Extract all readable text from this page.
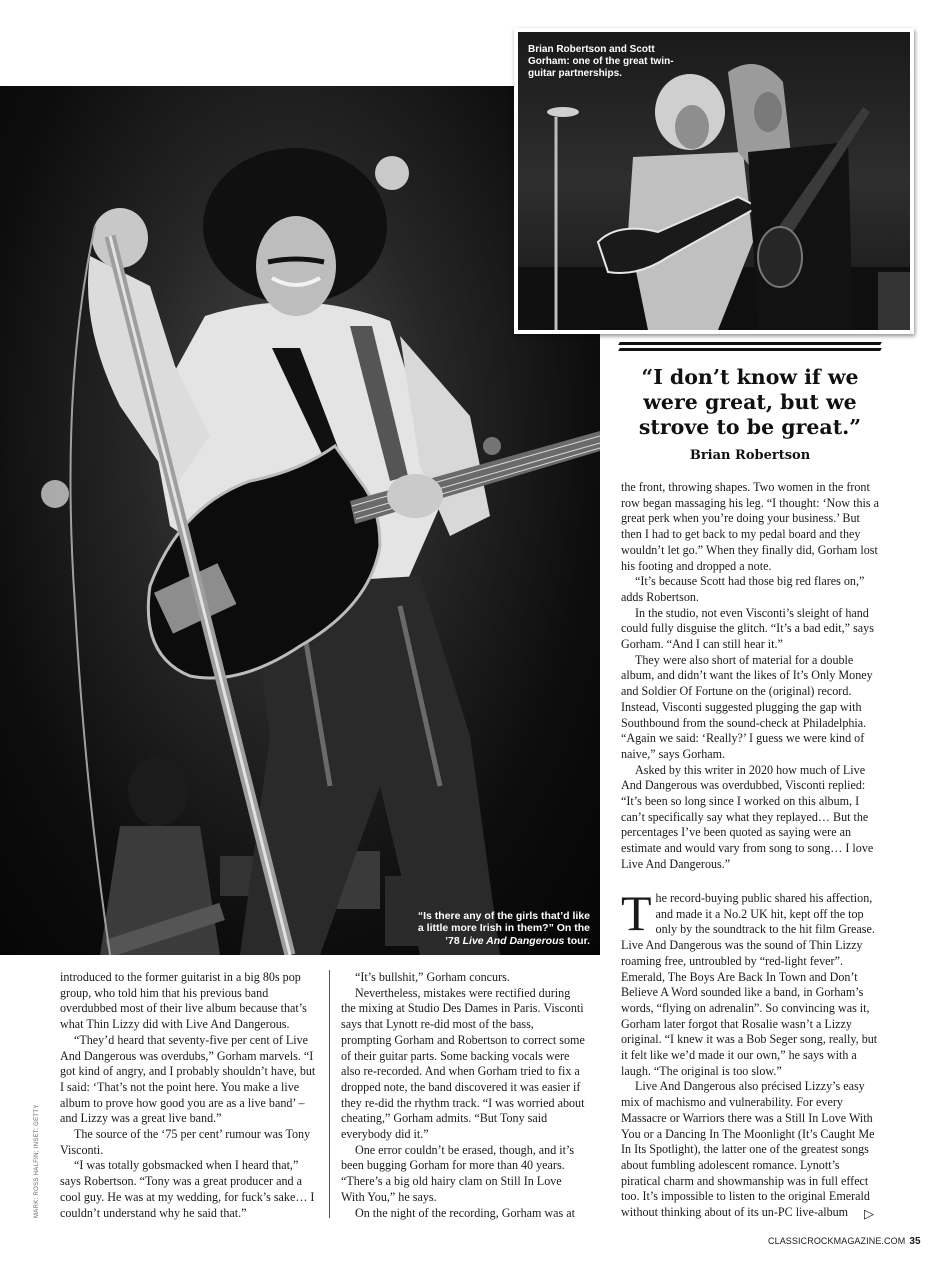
“Is there any of the girls that’d like
a little more Irish in them?” On the
’78 Live And Dangerous tour.
Brian Robertson and Scott Gorham: one of the great twin-guitar partnerships.
“I don’t know if we were great, but we strove to be great.”
Brian Robertson

the front, throwing shapes. Two women in the front row began massaging his leg. “I thought: ‘Now this a great perk when you’re doing your business.’ But then I had to get back to my pedal board and they wouldn’t let go.” When they finally did, Gorham lost his footing and dropped a note.

“It’s because Scott had those big red flares on,” adds Robertson.

In the studio, not even Visconti’s sleight of hand could fully disguise the glitch. “It’s a bad edit,” says Gorham. “And I can still hear it.”

They were also short of material for a double album, and didn’t want the likes of It’s Only Money and Soldier Of Fortune on the (original) record. Instead, Visconti suggested plugging the gap with Southbound from the sound-check at Philadelphia. “Again we said: ‘Really?’ I guess we were kind of naive,” says Gorham.

Asked by this writer in 2020 how much of Live And Dangerous was overdubbed, Visconti replied: “It’s been so long since I worked on this album, I can’t specifically say what they replayed… But the percentages I’ve been quoted as saying were an estimate and would vary from song to song… I love Live And Dangerous.”

The record-buying public shared his affection, and made it a No.2 UK hit, kept off the top only by the soundtrack to the hit film Grease. Live And Dangerous was the sound of Thin Lizzy roaming free, untroubled by “red-light fever”. Emerald, The Boys Are Back In Town and Don’t Believe A Word sounded like a band, in Gorham’s words, “flying on adrenalin”. So convincing was it, Gorham later forgot that Rosalie wasn’t a Lizzy original. “I knew it was a Bob Seger song, really, but it felt like we’d made it our own,” he says with a laugh. “The original is too slow.”

Live And Dangerous also précised Lizzy’s easy mix of machismo and vulnerability. For every Massacre or Warriors there was a Still In Love With You or a Dancing In The Moonlight (It’s Caught Me In Its Spotlight), the latter one of the greatest songs about fumbling adolescent romance. Lynott’s piratical charm and showmanship was in full effect too. It’s impossible to listen to the original Emerald without thinking about of its un-PC live-album	▷

introduced to the former guitarist in a big 80s pop group, who told him that his previous band overdubbed most of their live album because that’s what Thin Lizzy did with Live And Dangerous.

“They’d heard that seventy-five per cent of Live And Dangerous was overdubs,” Gorham marvels. “I got kind of angry, and I probably shouldn’t have, but I said: ‘That’s not the point here. You make a live album to prove how good you are as a live band’ – and Lizzy was a great live band.”

The source of the ‘75 per cent’ rumour was Tony Visconti.

“I was totally gobsmacked when I heard that,” says Robertson. “Tony was a great producer and a cool guy. He was at my wedding, for fuck’s sake… I couldn’t understand why he said that.”

“It’s bullshit,” Gorham concurs.

Nevertheless, mistakes were rectified during the mixing at Studio Des Dames in Paris. Visconti says that Lynott re-did most of the bass, prompting Gorham and Robertson to correct some of their guitar parts. Some backing vocals were also re-recorded. And when Gorham tried to fix a dropped note, the band discovered it was easier if they re-did the rhythm track. “I was worried about cheating,” Gorham admits. “But Tony said everybody did it.”

One error couldn’t be erased, though, and it’s been bugging Gorham for more than 40 years. “There’s a big old hairy clam on Still In Love With You,” he says.

On the night of the recording, Gorham was at

MARK: ROSS HALFIN; INSET: GETTY
CLASSICROCKMAGAZINE.COM 35
